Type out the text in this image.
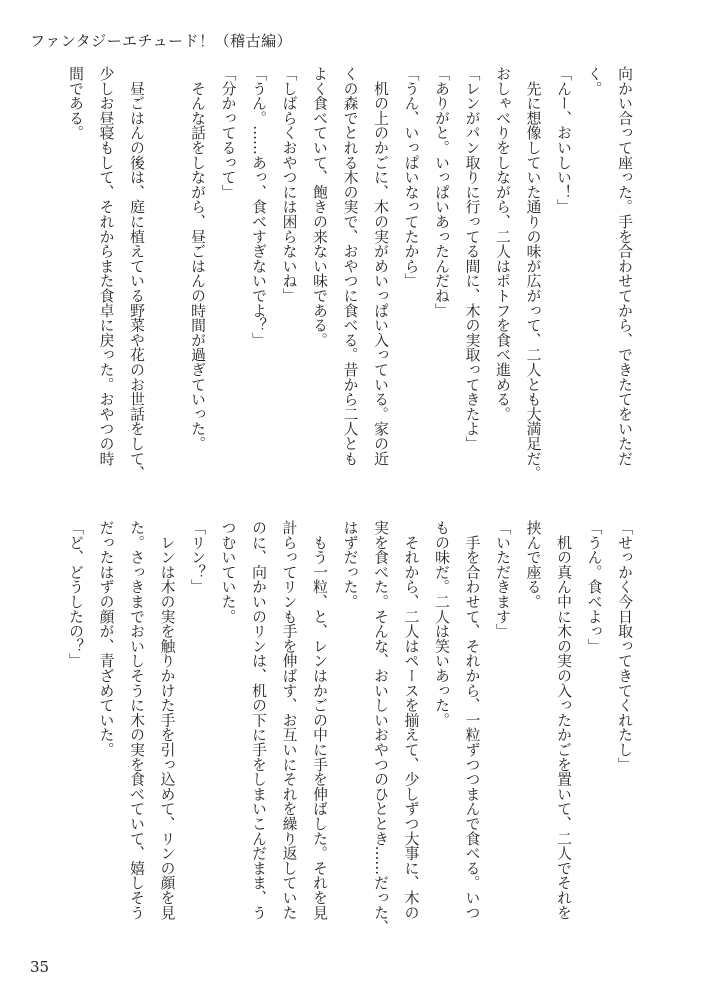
ファンタジーエチュード！（稽古編）
向かい合って座った。手を合わせてから、できたてをいただ
く。
「んー、おいしい！」
　先に想像していた通りの味が広がって、二人とも大満足だ。
おしゃべりをしながら、二人はポトフを食べ進める。
「レンがパン取りに行ってる間に、木の実取ってきたよ」
「ありがと。いっぱいあったんだね」
「うん、いっぱいなってたから」
　机の上のかごに、木の実がめいっぱい入っている。家の近
くの森でとれる木の実で、おやつに食べる。昔から二人とも
よく食べていて、飽きの来ない味である。
「しばらくおやつには困らないね」
「うん。……あっ、食べすぎないでよ？」
「分かってるって」
　そんな話をしながら、昼ごはんの時間が過ぎていった。
　昼ごはんの後は、庭に植えている野菜や花のお世話をして、
少しお昼寝もして、それからまた食卓に戻った。おやつの時
間である。
「せっかく今日取ってきてくれたし」
「うん。食べよっ」
　机の真ん中に木の実の入ったかごを置いて、二人でそれを
挟んで座る。
「いただきます」
　手を合わせて、それから、一粒ずつつまんで食べる。いつ
もの味だ。二人は笑いあった。
　それから、二人はペースを揃えて、少しずつ大事に、木の
実を食べた。そんな、おいしいおやつのひととき……だった、
はずだった。
　もう一粒、と、レンはかごの中に手を伸ばした。それを見
計らってリンも手を伸ばす、お互いにそれを繰り返していた
のに、向かいのリンは、机の下に手をしまいこんだまま、う
つむいていた。
「リン？」
　レンは木の実を触りかけた手を引っ込めて、リンの顔を見
た。さっきまでおいしそうに木の実を食べていて、嬉しそう
だったはずの顔が、青ざめていた。
「ど、どうしたの？」
35
